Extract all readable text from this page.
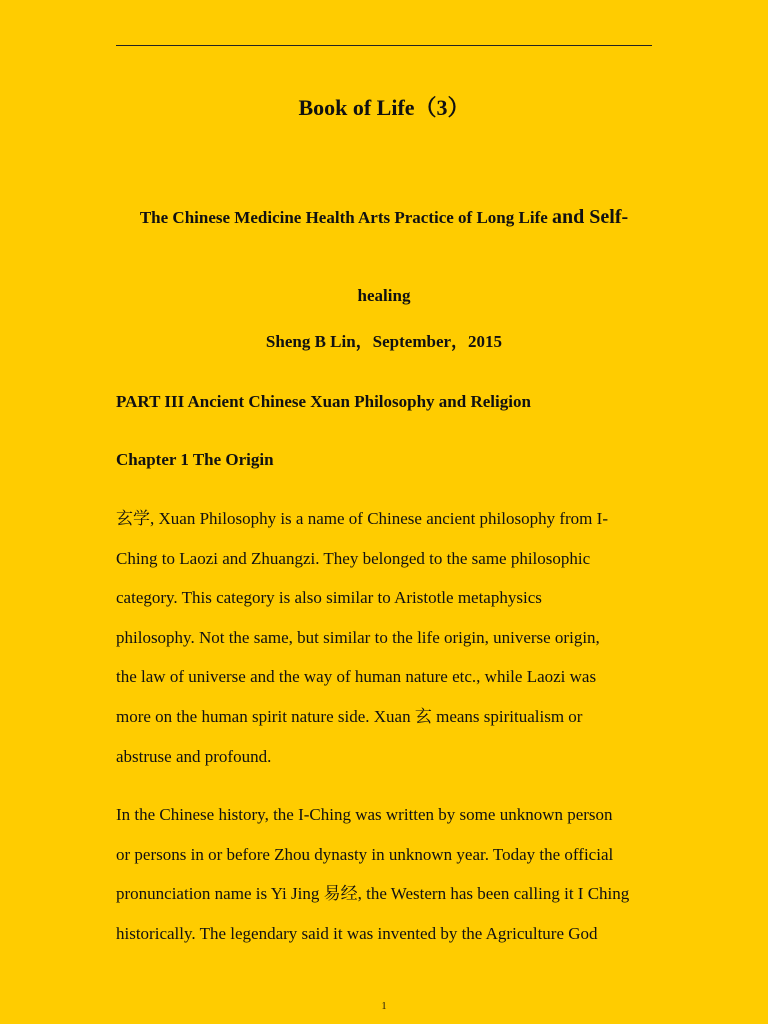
Book of Life（3）
The Chinese Medicine Health Arts Practice of Long Life and Self-
healing
Sheng B Lin，September，2015
PART III Ancient Chinese Xuan Philosophy and Religion
Chapter 1 The Origin

玄学, Xuan Philosophy is a name of Chinese ancient philosophy from I-
Ching to Laozi and Zhuangzi. They belonged to the same philosophic
category. This category is also similar to Aristotle metaphysics
philosophy. Not the same, but similar to the life origin, universe origin,
the law of universe and the way of human nature etc., while Laozi was
more on the human spirit nature side. Xuan 玄 means spiritualism or
abstruse and profound.

In the Chinese history, the I-Ching was written by some unknown person
or persons in or before Zhou dynasty in unknown year. Today the official
pronunciation name is Yi Jing 易经, the Western has been calling it I Ching
historically. The legendary said it was invented by the Agriculture God

1
